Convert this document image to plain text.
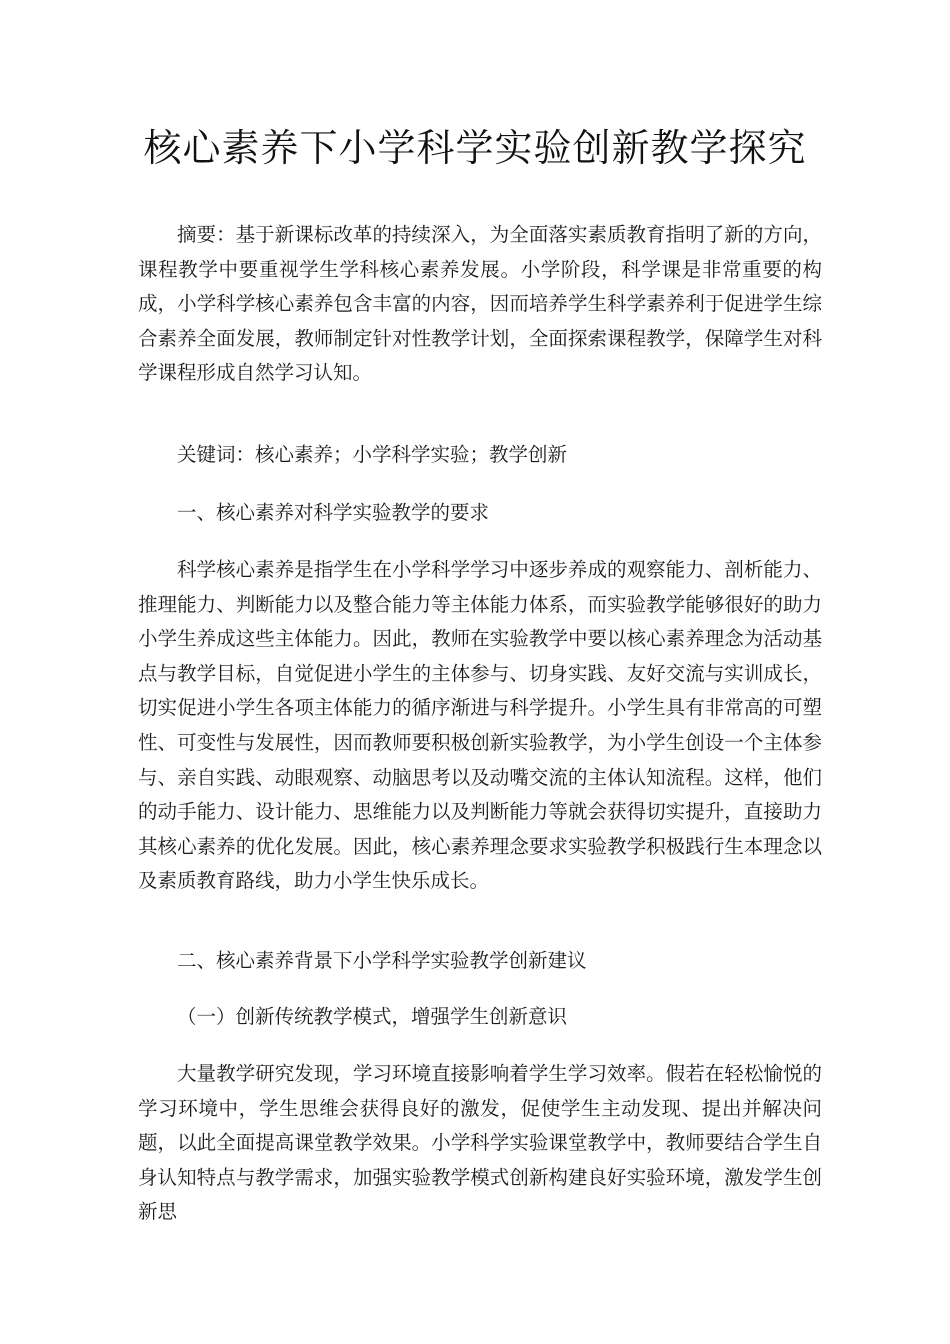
核心素养下小学科学实验创新教学探究

摘要：基于新课标改革的持续深入，为全面落实素质教育指明了新的方向，课程教学中要重视学生学科核心素养发展。小学阶段，科学课是非常重要的构成，小学科学核心素养包含丰富的内容，因而培养学生科学素养利于促进学生综合素养全面发展，教师制定针对性教学计划，全面探索课程教学，保障学生对科学课程形成自然学习认知。

关键词：核心素养；小学科学实验；教学创新

一、核心素养对科学实验教学的要求

科学核心素养是指学生在小学科学学习中逐步养成的观察能力、剖析能力、推理能力、判断能力以及整合能力等主体能力体系，而实验教学能够很好的助力小学生养成这些主体能力。因此，教师在实验教学中要以核心素养理念为活动基点与教学目标，自觉促进小学生的主体参与、切身实践、友好交流与实训成长，切实促进小学生各项主体能力的循序渐进与科学提升。小学生具有非常高的可塑性、可变性与发展性，因而教师要积极创新实验教学，为小学生创设一个主体参与、亲自实践、动眼观察、动脑思考以及动嘴交流的主体认知流程。这样，他们的动手能力、设计能力、思维能力以及判断能力等就会获得切实提升，直接助力其核心素养的优化发展。因此，核心素养理念要求实验教学积极践行生本理念以及素质教育路线，助力小学生快乐成长。

二、核心素养背景下小学科学实验教学创新建议

（一）创新传统教学模式，增强学生创新意识

大量教学研究发现，学习环境直接影响着学生学习效率。假若在轻松愉悦的学习环境中，学生思维会获得良好的激发，促使学生主动发现、提出并解决问题，以此全面提高课堂教学效果。小学科学实验课堂教学中，教师要结合学生自身认知特点与教学需求，加强实验教学模式创新构建良好实验环境，激发学生创新思
